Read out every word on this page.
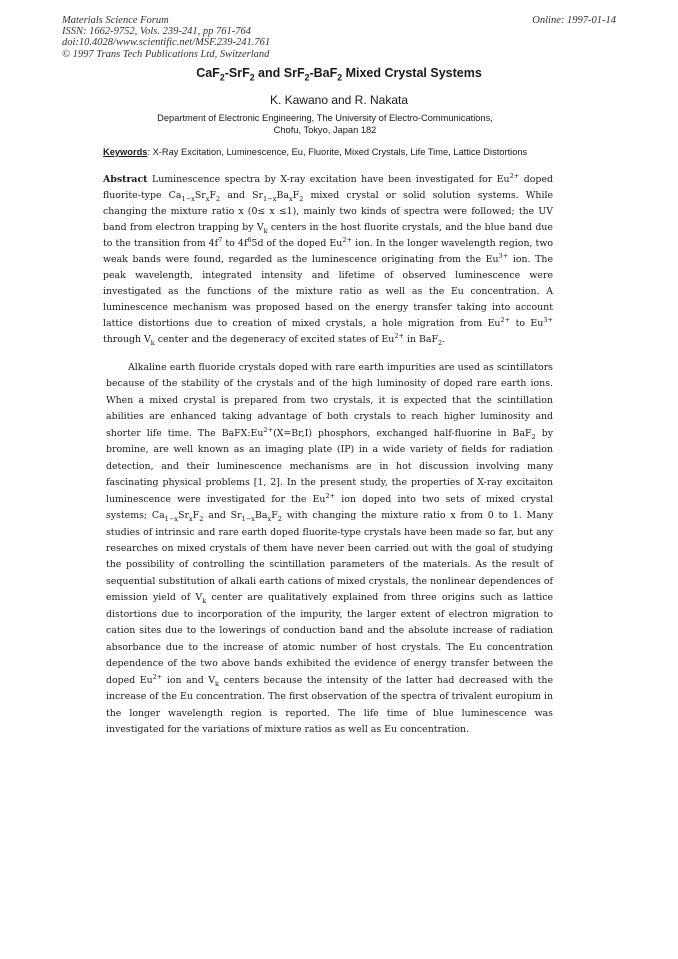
Materials Science Forum
ISSN: 1662-9752, Vols. 239-241, pp 761-764
doi:10.4028/www.scientific.net/MSF.239-241.761
© 1997 Trans Tech Publications Ltd, Switzerland
Online: 1997-01-14
CaF$_2$-SrF$_2$ and SrF$_2$-BaF$_2$ Mixed Crystal Systems
K. Kawano and R. Nakata
Department of Electronic Engineering, The University of Electro-Communications,
Chofu, Tokyo, Japan 182
Keywords: X-Ray Excitation, Luminescence, Eu, Fluorite, Mixed Crystals, Life Time, Lattice Distortions

Abstract Luminescence spectra by X-ray excitation have been investigated for $Eu^{2+}$ doped fluorite-type $Ca_{1-x}Sr_xF_2$ and $Sr_{1-x}Ba_xF_2$ mixed crystal or solid solution systems. While changing the mixture ratio x (0≤ x ≤1), mainly two kinds of spectra were followed; the UV band from electron trapping by $V_k$ centers in the host fluorite crystals, and the blue band due to the transition from $4f^7$ to $4f^65d$ of the doped $Eu^{2+}$ ion. In the longer wavelength region, two weak bands were found, regarded as the luminescence originating from the $Eu^{3+}$ ion. The peak wavelength, integrated intensity and lifetime of observed luminescence were investigated as the functions of the mixture ratio as well as the Eu concentration. A luminescence mechanism was proposed based on the energy transfer taking into account lattice distortions due to creation of mixed crystals, a hole migration from $Eu^{2+}$ to $Eu^{3+}$ through $V_k$ center and the degeneracy of excited states of $Eu^{2+}$ in BaF$_2$.

Alkaline earth fluoride crystals doped with rare earth impurities are used as scintillators because of the stability of the crystals and of the high luminosity of doped rare earth ions. When a mixed crystal is prepared from two crystals, it is expected that the scintillation abilities are enhanced taking advantage of both crystals to reach higher luminosity and shorter life time. The $BaFX:Eu^{2+}(X=Br,I)$ phosphors, exchanged half-fluorine in BaF$_2$ by bromine, are well known as an imaging plate (IP) in a wide variety of fields for radiation detection, and their luminescence mechanisms are in hot discussion involving many fascinating physical problems [1, 2]. In the present study, the properties of X-ray excitaiton luminescence were investigated for the $Eu^{2+}$ ion doped into two sets of mixed crystal systems; $Ca_{1-x}Sr_xF_2$ and $Sr_{1-x}Ba_xF_2$ with changing the mixture ratio x from 0 to 1. Many studies of intrinsic and rare earth doped fluorite-type crystals have been made so far, but any researches on mixed crystals of them have never been carried out with the goal of studying the possibility of controlling the scintillation parameters of the materials. As the result of sequential substitution of alkali earth cations of mixed crystals, the nonlinear dependences of emission yield of $V_k$ center are qualitatively explained from three origins such as lattice distortions due to incorporation of the impurity, the larger extent of electron migration to cation sites due to the lowerings of conduction band and the absolute increase of radiation absorbance due to the increase of atomic number of host crystals. The Eu concentration dependence of the two above bands exhibited the evidence of energy transfer between the doped $Eu^{2+}$ ion and $V_k$ centers because the intensity of the latter had decreased with the increase of the Eu concentration. The first observation of the spectra of trivalent europium in the longer wavelength region is reported. The life time of blue luminescence was investigated for the variations of mixture ratios as well as Eu concentration.
